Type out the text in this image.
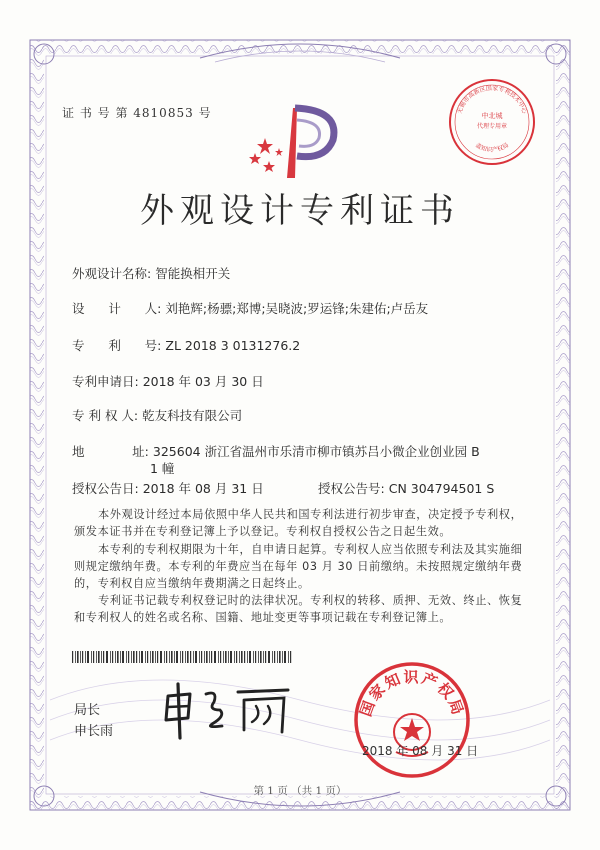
证 书 号 第 4810853 号	中北城
代理专用章
无锡市高新区国家专利技术中心
盖知识产权局
外观设计专利证书
外观设计名称: 智能换相开关
设      计      人: 刘艳辉;杨骠;郑博;吴晓波;罗运锋;朱建佑;卢岳友
专      利      号: ZL 2018 3 0131276.2
专利申请日: 2018 年 03 月 30 日
专 利 权 人: 乾友科技有限公司
地            址: 325604 浙江省温州市乐清市柳市镇苏吕小微企业创业园 B
1 幢
授权公告日: 2018 年 08 月 31 日	授权公告号: CN 304794501 S
本外观设计经过本局依照中华人民共和国专利法进行初步审查，决定授予专利权，颁发本证书并在专利登记簿上予以登记。专利权自授权公告之日起生效。
本专利的专利权期限为十年，自申请日起算。专利权人应当依照专利法及其实施细则规定缴纳年费。本专利的年费应当在每年 03 月 30 日前缴纳。未按照规定缴纳年费的，专利权自应当缴纳年费期满之日起终止。
专利证书记载专利权登记时的法律状况。专利权的转移、质押、无效、终止、恢复和专利权人的姓名或名称、国籍、地址变更等事项记载在专利登记簿上。
局长
申长雨
国家知识产权局
2018 年 08 月 31 日
第 1 页 （共 1 页）
